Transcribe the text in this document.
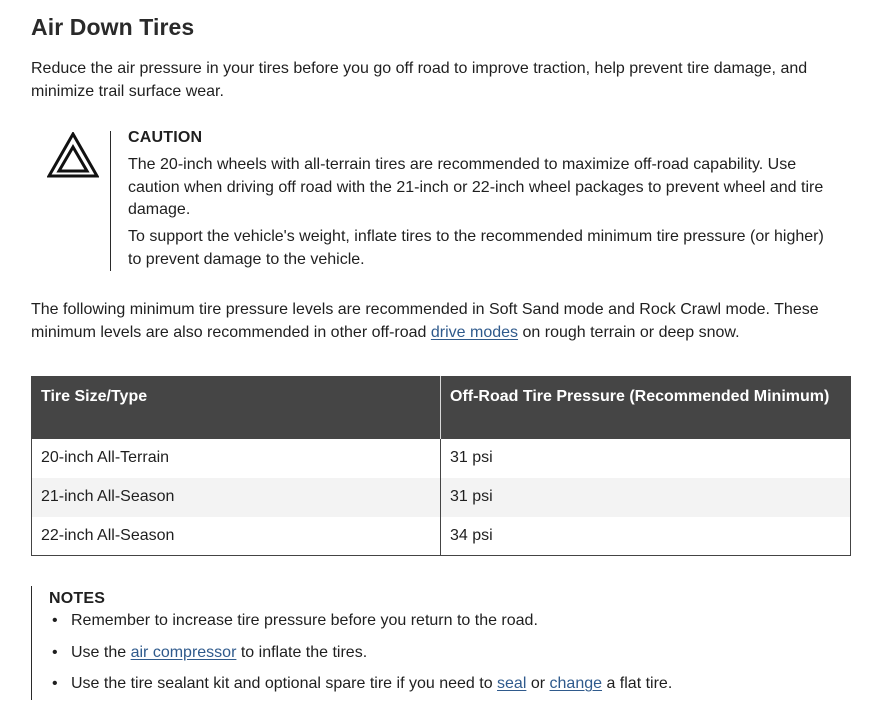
Air Down Tires

Reduce the air pressure in your tires before you go off road to improve traction, help prevent tire damage, and minimize trail surface wear.

CAUTION

The 20-inch wheels with all-terrain tires are recommended to maximize off-road capability. Use caution when driving off road with the 21-inch or 22-inch wheel packages to prevent wheel and tire damage.

To support the vehicle's weight, inflate tires to the recommended minimum tire pressure (or higher) to prevent damage to the vehicle.

The following minimum tire pressure levels are recommended in Soft Sand mode and Rock Crawl mode. These minimum levels are also recommended in other off-road drive modes on rough terrain or deep snow.

Tire Size/Type	Off-Road Tire Pressure (Recommended Minimum)
20-inch All-Terrain	31 psi
21-inch All-Season	31 psi
22-inch All-Season	34 psi
NOTES
• Remember to increase tire pressure before you return to the road.
• Use the air compressor to inflate the tires.
• Use the tire sealant kit and optional spare tire if you need to seal or change a flat tire.
